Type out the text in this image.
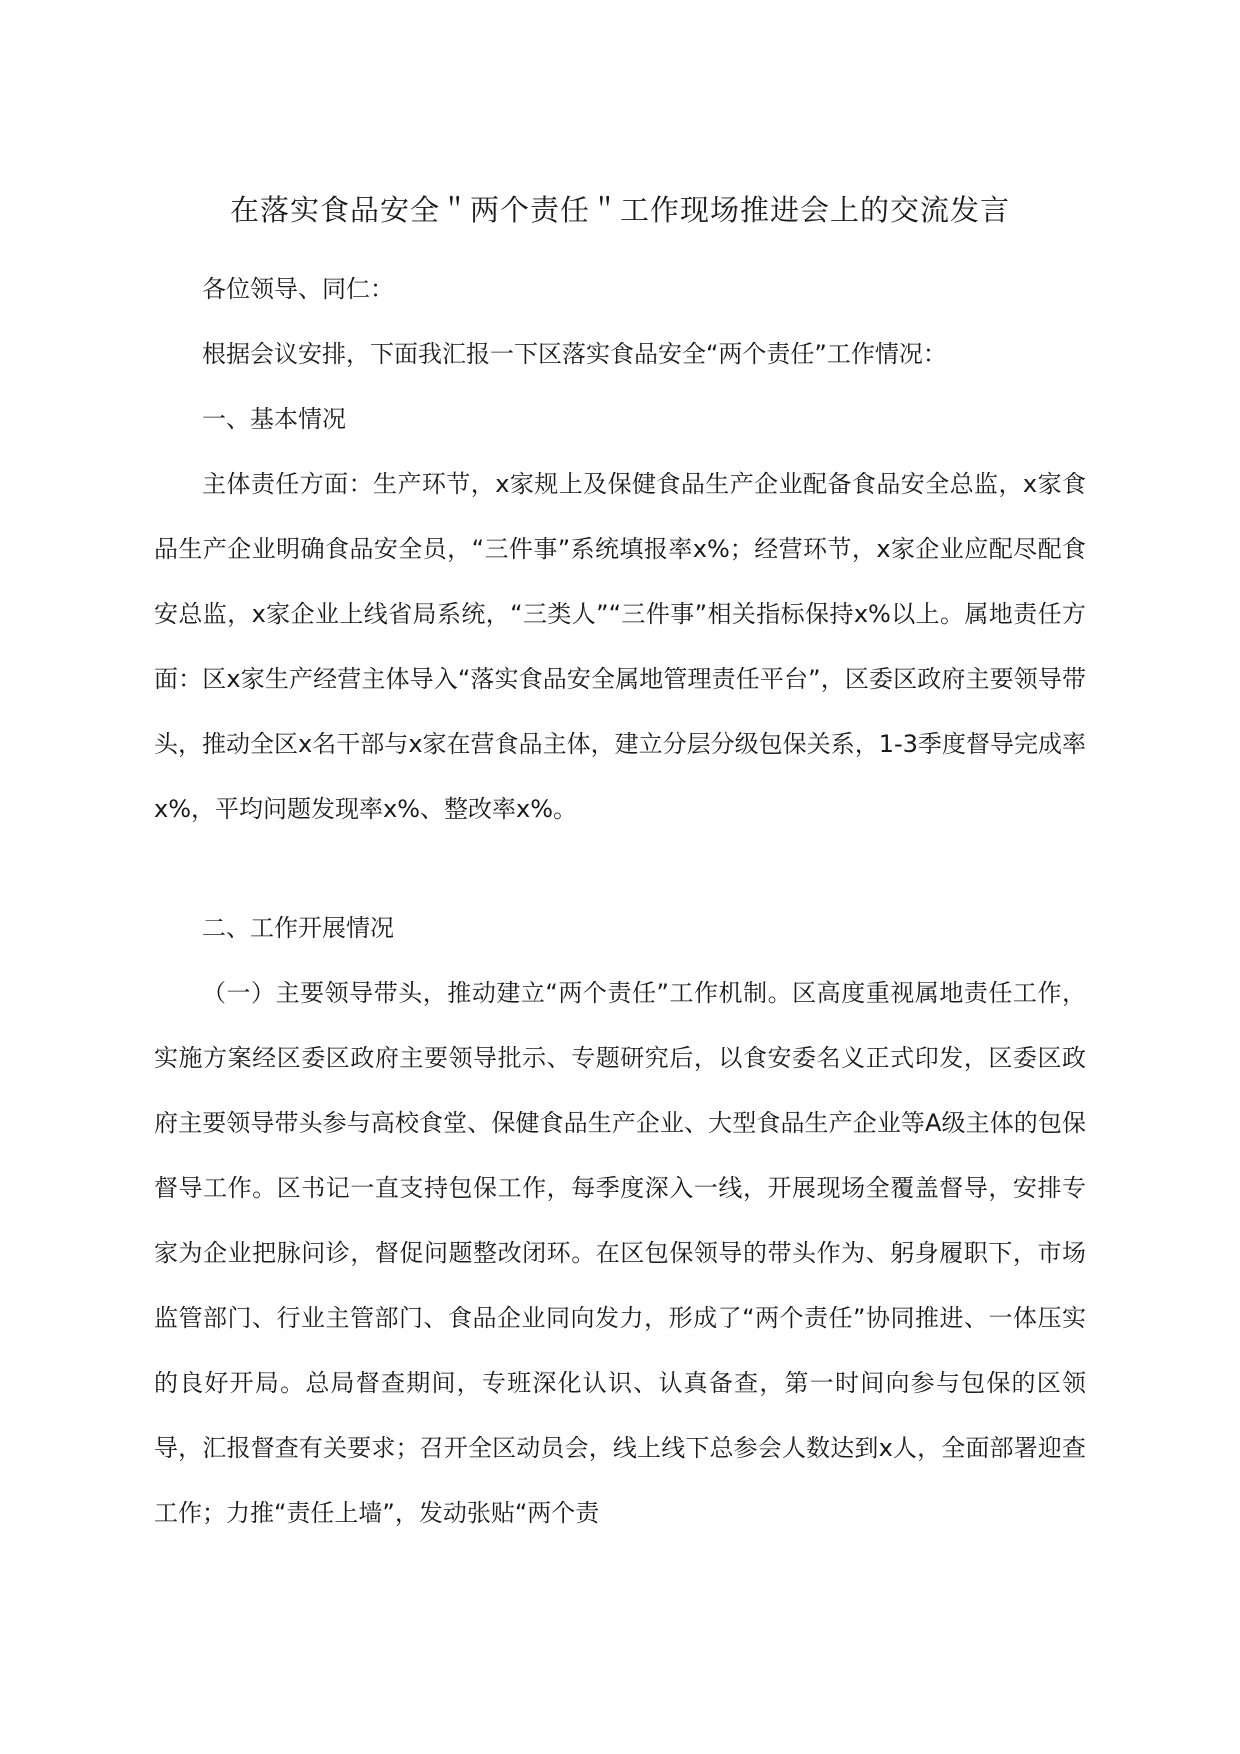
在落实食品安全＂两个责任＂工作现场推进会上的交流发言

各位领导、同仁：

根据会议安排，下面我汇报一下区落实食品安全“两个责任”工作情况：

一、基本情况

主体责任方面：生产环节，x家规上及保健食品生产企业配备食品安全总监，x家食品生产企业明确食品安全员，“三件事”系统填报率x%；经营环节，x家企业应配尽配食安总监，x家企业上线省局系统，“三类人”“三件事”相关指标保持x%以上。属地责任方面：区x家生产经营主体导入“落实食品安全属地管理责任平台”，区委区政府主要领导带头，推动全区x名干部与x家在营食品主体，建立分层分级包保关系，1-3季度督导完成率x%，平均问题发现率x%、整改率x%。

二、工作开展情况

（一）主要领导带头，推动建立“两个责任”工作机制。区高度重视属地责任工作，实施方案经区委区政府主要领导批示、专题研究后，以食安委名义正式印发，区委区政府主要领导带头参与高校食堂、保健食品生产企业、大型食品生产企业等A级主体的包保督导工作。区书记一直支持包保工作，每季度深入一线，开展现场全覆盖督导，安排专家为企业把脉问诊，督促问题整改闭环。在区包保领导的带头作为、躬身履职下，市场监管部门、行业主管部门、食品企业同向发力，形成了“两个责任”协同推进、一体压实的良好开局。总局督查期间，专班深化认识、认真备查，第一时间向参与包保的区领导，汇报督查有关要求；召开全区动员会，线上线下总参会人数达到x人，全面部署迎查工作；力推“责任上墙”，发动张贴“两个责
